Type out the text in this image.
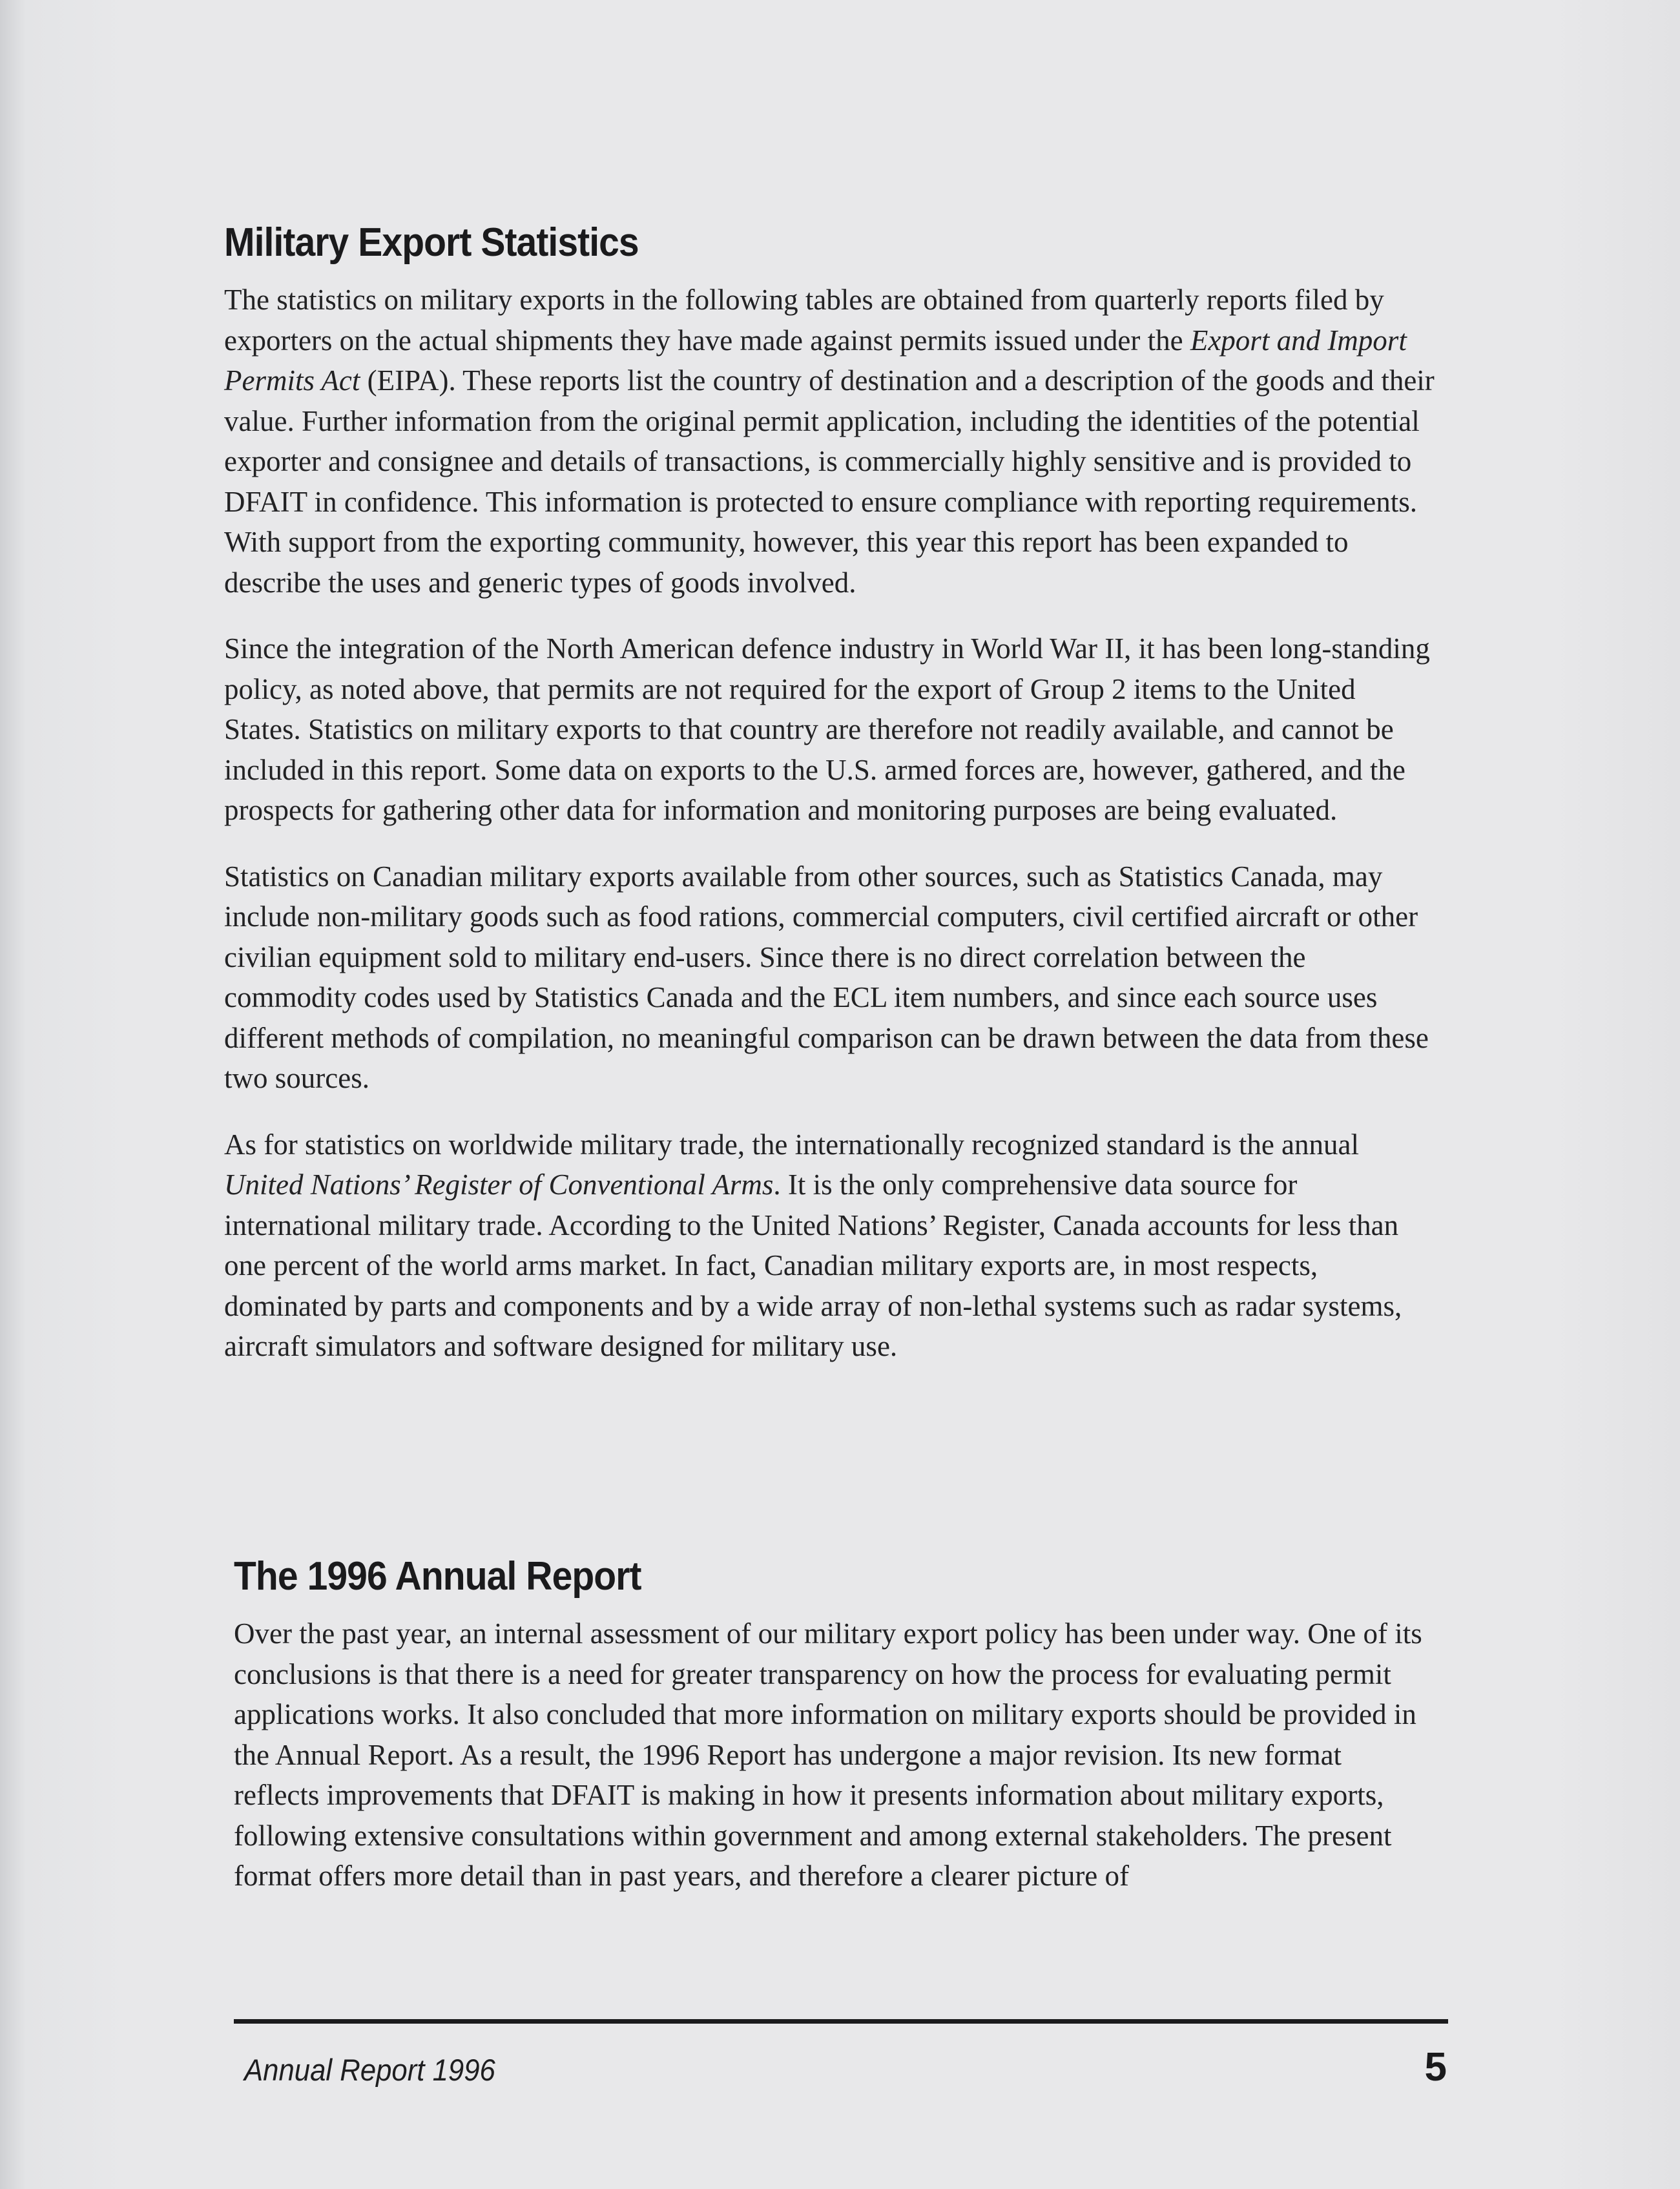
Military Export Statistics

The statistics on military exports in the following tables are obtained from quarterly reports filed by exporters on the actual shipments they have made against permits issued under the Export and Import Permits Act (EIPA). These reports list the country of destination and a description of the goods and their value. Further information from the original permit application, including the identities of the potential exporter and consignee and details of transactions, is commercially highly sensitive and is provided to DFAIT in confidence. This information is protected to ensure compliance with reporting requirements. With support from the exporting community, however, this year this report has been expanded to describe the uses and generic types of goods involved.

Since the integration of the North American defence industry in World War II, it has been long-standing policy, as noted above, that permits are not required for the export of Group 2 items to the United States. Statistics on military exports to that country are therefore not readily available, and cannot be included in this report. Some data on exports to the U.S. armed forces are, however, gathered, and the prospects for gathering other data for information and monitoring purposes are being evaluated.

Statistics on Canadian military exports available from other sources, such as Statistics Canada, may include non-military goods such as food rations, commercial computers, civil certified aircraft or other civilian equipment sold to military end-users. Since there is no direct correlation between the commodity codes used by Statistics Canada and the ECL item numbers, and since each source uses different methods of compilation, no meaningful comparison can be drawn between the data from these two sources.

As for statistics on worldwide military trade, the internationally recognized standard is the annual United Nations’ Register of Conventional Arms. It is the only comprehensive data source for international military trade. According to the United Nations’ Register, Canada accounts for less than one percent of the world arms market. In fact, Canadian military exports are, in most respects, dominated by parts and components and by a wide array of non-lethal systems such as radar systems, aircraft simulators and software designed for military use.

The 1996 Annual Report

Over the past year, an internal assessment of our military export policy has been under way. One of its conclusions is that there is a need for greater transparency on how the process for evaluating permit applications works. It also concluded that more information on military exports should be provided in the Annual Report. As a result, the 1996 Report has undergone a major revision. Its new format reflects improvements that DFAIT is making in how it presents information about military exports, following extensive consultations within government and among external stakeholders. The present format offers more detail than in past years, and therefore a clearer picture of

Annual Report 1996	5
